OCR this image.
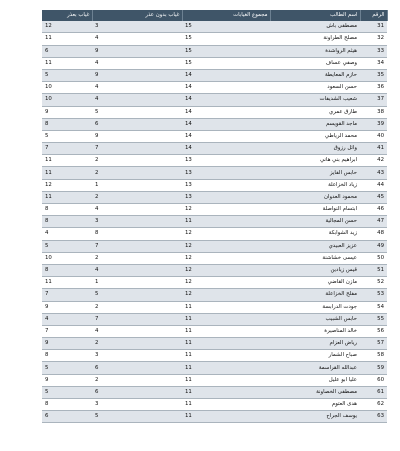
الرقم	اسم الطالب	مجموع الغيابات	غياب بدون عذر	غياب بعذر
31	مصطفى باش	15	3	12
32	مصلح الطراونة	15	4	11
33	هيثم الرواشدة	15	9	6
34	وصفي عساف	15	4	11
35	حازم المعايطة	14	9	5
36	حسن السعود	14	4	10
37	شعيب الشديفات	14	4	10
38	طارق عمري	14	5	9
39	ماجد القويسم	14	6	8
40	محمد الرياطي	14	9	5
41	وائل رزوق	14	7	7
42	ابراهيم بني هاني	13	2	11
43	حابس الفايز	13	2	11
44	زياد الخزاعلة	13	1	12
45	محمود العدوان	13	2	11
46	ابتسام النواصلة	12	4	8
47	حسن المجالية	11	3	8
48	زيد الشوابكة	12	8	4
49	عزيز العبيدي	12	7	5
50	عيسى خشاشنة	12	2	10
51	قيس زيادين	12	4	8
52	مازن القاضي	12	1	11
53	مفلح الخزاعلة	12	5	7
54	جودت الدرابسة	11	2	9
55	حابس الشبيب	11	7	4
56	خالد المناصيرة	11	4	7
57	رياض العزام	11	2	9
58	صباح الشمار	11	3	8
59	عبدالله القراسمة	11	6	5
60	عليا ابو عليل	11	2	9
61	مصطفى الخصاونة	11	6	5
62	هدى العتوم	11	3	8
63	يوسف الجراح	11	5	6
